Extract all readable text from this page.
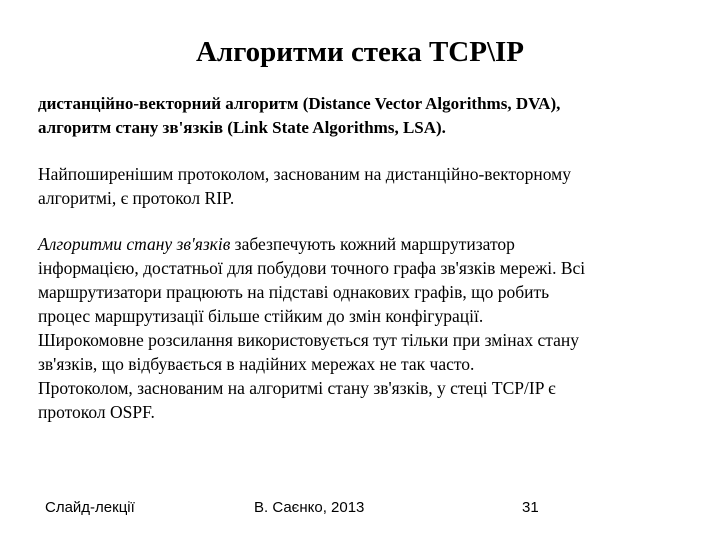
Алгоритми стека TCP\IP

дистанційно-векторний алгоритм (Distance Vector Algorithms, DVA),

алгоритм стану зв'язків (Link State Algorithms, LSA).

Найпоширенішим протоколом, заснованим на дистанційно-векторному

алгоритмі, є протокол RIP.

Алгоритми стану зв'язків забезпечують кожний маршрутизатор

інформацією, достатньої для побудови точного графа зв'язків мережі. Всі

маршрутизатори працюють на підставі однакових графів, що робить

процес маршрутизації більше стійким до змін конфігурації.

Широкомовне розсилання використовується тут тільки при змінах стану

зв'язків, що відбувається в надійних мережах не так часто.

Протоколом, заснованим на алгоритмі стану зв'язків, у стеці TCP/IP є

протокол OSPF.

Слайд-лекції	В. Саєнко, 2013	31
